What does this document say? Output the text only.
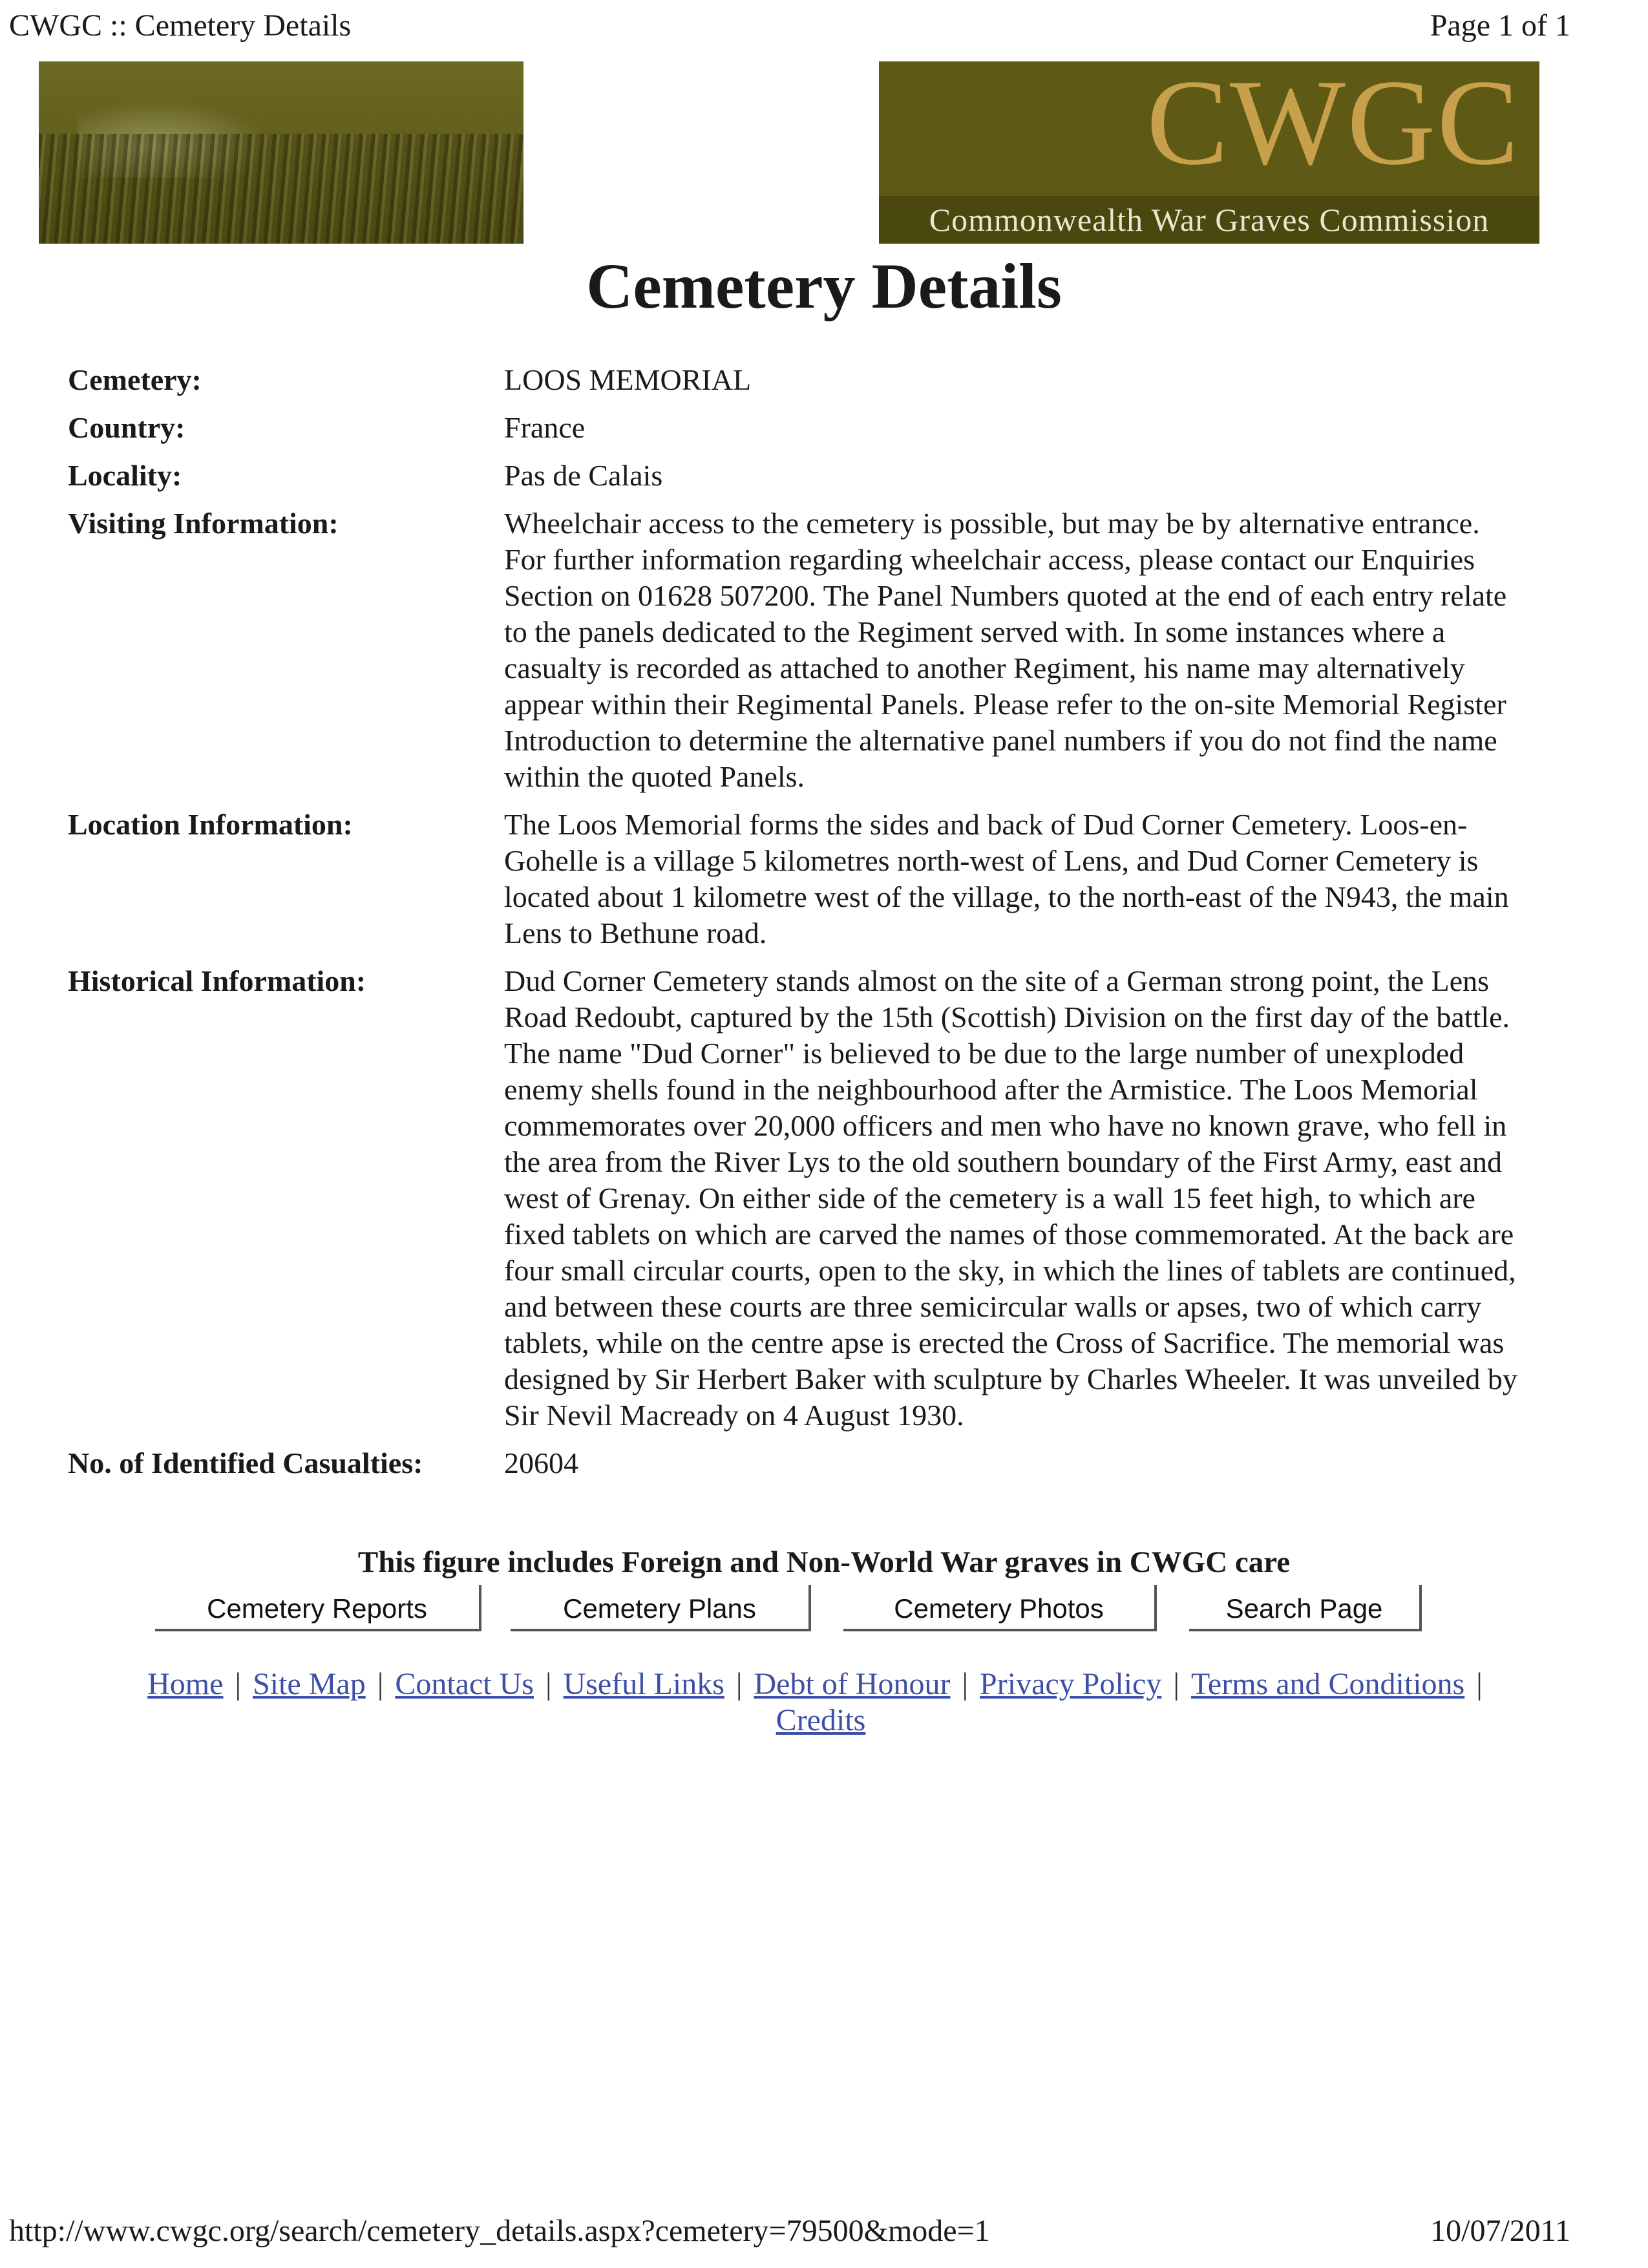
CWGC :: Cemetery Details	Page 1 of 1
CWGC
Commonwealth War Graves Commission
Cemetery Details
Cemetery:	LOOS MEMORIAL
Country:	France
Locality:	Pas de Calais
Visiting Information:	Wheelchair access to the cemetery is possible, but may be by alternative entrance. For further information regarding wheelchair access, please contact our Enquiries Section on 01628 507200. The Panel Numbers quoted at the end of each entry relate to the panels dedicated to the Regiment served with. In some instances where a casualty is recorded as attached to another Regiment, his name may alternatively appear within their Regimental Panels. Please refer to the on-site Memorial Register Introduction to determine the alternative panel numbers if you do not find the name within the quoted Panels.
Location Information:	The Loos Memorial forms the sides and back of Dud Corner Cemetery. Loos-en-Gohelle is a village 5 kilometres north-west of Lens, and Dud Corner Cemetery is located about 1 kilometre west of the village, to the north-east of the N943, the main Lens to Bethune road.
Historical Information:	Dud Corner Cemetery stands almost on the site of a German strong point, the Lens Road Redoubt, captured by the 15th (Scottish) Division on the first day of the battle. The name "Dud Corner" is believed to be due to the large number of unexploded enemy shells found in the neighbourhood after the Armistice. The Loos Memorial commemorates over 20,000 officers and men who have no known grave, who fell in the area from the River Lys to the old southern boundary of the First Army, east and west of Grenay. On either side of the cemetery is a wall 15 feet high, to which are fixed tablets on which are carved the names of those commemorated. At the back are four small circular courts, open to the sky, in which the lines of tablets are continued, and between these courts are three semicircular walls or apses, two of which carry tablets, while on the centre apse is erected the Cross of Sacrifice. The memorial was designed by Sir Herbert Baker with sculpture by Charles Wheeler. It was unveiled by Sir Nevil Macready on 4 August 1930.
No. of Identified Casualties:	20604
This figure includes Foreign and Non-World War graves in CWGC care
Cemetery Reports	Cemetery Plans	Cemetery Photos	Search Page
Home | Site Map | Contact Us | Useful Links | Debt of Honour | Privacy Policy | Terms and Conditions |
Credits
http://www.cwgc.org/search/cemetery_details.aspx?cemetery=79500&mode=1	10/07/2011
